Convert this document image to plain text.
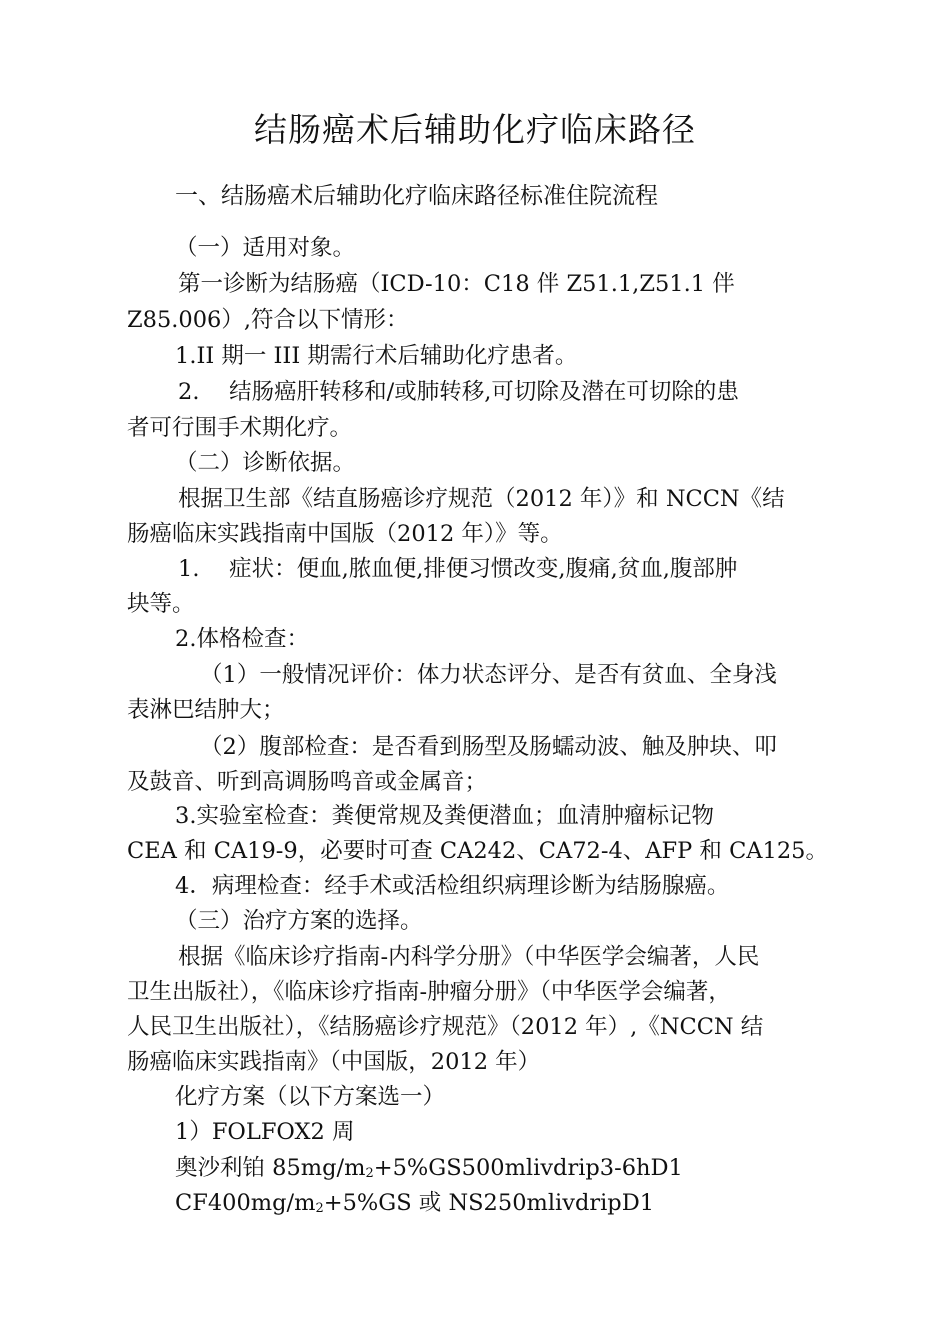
结肠癌术后辅助化疗临床路径

一、结肠癌术后辅助化疗临床路径标准住院流程

（一）适用对象。

第一诊断为结肠癌（ICD-10：C18 伴 Z51.1,Z51.1 伴

Z85.006）,符合以下情形：

1.II 期一 III 期需行术后辅助化疗患者。

2.　 结肠癌肝转移和/或肺转移,可切除及潜在可切除的患

者可行围手术期化疗。

（二）诊断依据。

根据卫生部《结直肠癌诊疗规范（2012 年）》和 NCCN《结

肠癌临床实践指南中国版（2012 年）》等。

1.　 症状：便血,脓血便,排便习惯改变,腹痛,贫血,腹部肿

块等。

2.体格检查：

（1）一般情况评价：体力状态评分、是否有贫血、全身浅

表淋巴结肿大；

（2）腹部检查：是否看到肠型及肠蠕动波、触及肿块、叩

及鼓音、听到高调肠鸣音或金属音；

3.实验室检查：粪便常规及粪便潜血；血清肿瘤标记物

CEA 和 CA19-9，必要时可查 CA242、CA72-4、AFP 和 CA125。

4．病理检查：经手术或活检组织病理诊断为结肠腺癌。

（三）治疗方案的选择。

根据《临床诊疗指南-内科学分册》（中华医学会编著，人民

卫生出版社），《临床诊疗指南-肿瘤分册》（中华医学会编著，

人民卫生出版社），《结肠癌诊疗规范》（2012 年）,《NCCN 结

肠癌临床实践指南》（中国版，2012 年）

化疗方案（以下方案选一）

1）FOLFOX2 周

奥沙利铂 85mg/m2+5%GS500mlivdrip3-6hD1

CF400mg/m2+5%GS 或 NS250mlivdripD1
